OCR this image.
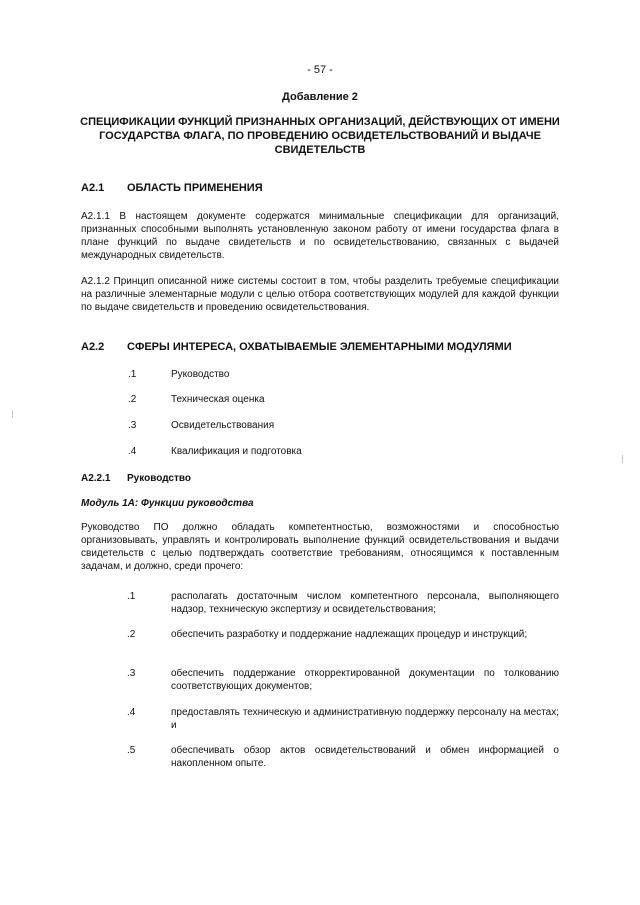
- 57 -

Добавление 2

СПЕЦИФИКАЦИИ ФУНКЦИЙ ПРИЗНАННЫХ ОРГАНИЗАЦИЙ, ДЕЙСТВУЮЩИХ ОТ ИМЕНИ ГОСУДАРСТВА ФЛАГА, ПО ПРОВЕДЕНИЮ ОСВИДЕТЕЛЬСТВОВАНИЙ И ВЫДАЧЕ СВИДЕТЕЛЬСТВ

A2.1 ОБЛАСТЬ ПРИМЕНЕНИЯ

A2.1.1 В настоящем документе содержатся минимальные спецификации для организаций, признанных способными выполнять установленную законом работу от имени государства флага в плане функций по выдаче свидетельств и по освидетельствованию, связанных с выдачей международных свидетельств.

A2.1.2 Принцип описанной ниже системы состоит в том, чтобы разделить требуемые спецификации на различные элементарные модули с целью отбора соответствующих модулей для каждой функции по выдаче свидетельств и проведению освидетельствования.

A2.2 СФЕРЫ ИНТЕРЕСА, ОХВАТЫВАЕМЫЕ ЭЛЕМЕНТАРНЫМИ МОДУЛЯМИ
.1	Руководство
.2	Техническая оценка
.3	Освидетельствования
.4	Квалификация и подготовка
A2.2.1 Руководство
Модуль 1А: Функции руководства

Руководство ПО должно обладать компетентностью, возможностями и способностью организовывать, управлять и контролировать выполнение функций освидетельствования и выдачи свидетельств с целью подтверждать соответствие требованиям, относящимся к поставленным задачам, и должно, среди прочего:

.1	располагать достаточным числом компетентного персонала, выполняющего надзор, техническую экспертизу и освидетельствования;
.2	обеспечить разработку и поддержание надлежащих процедур и инструкций;
.3	обеспечить поддержание откорректированной документации по толкованию соответствующих документов;
.4	предоставлять техническую и административную поддержку персоналу на местах; и
.5	обеспечивать обзор актов освидетельствований и обмен информацией о накопленном опыте.
